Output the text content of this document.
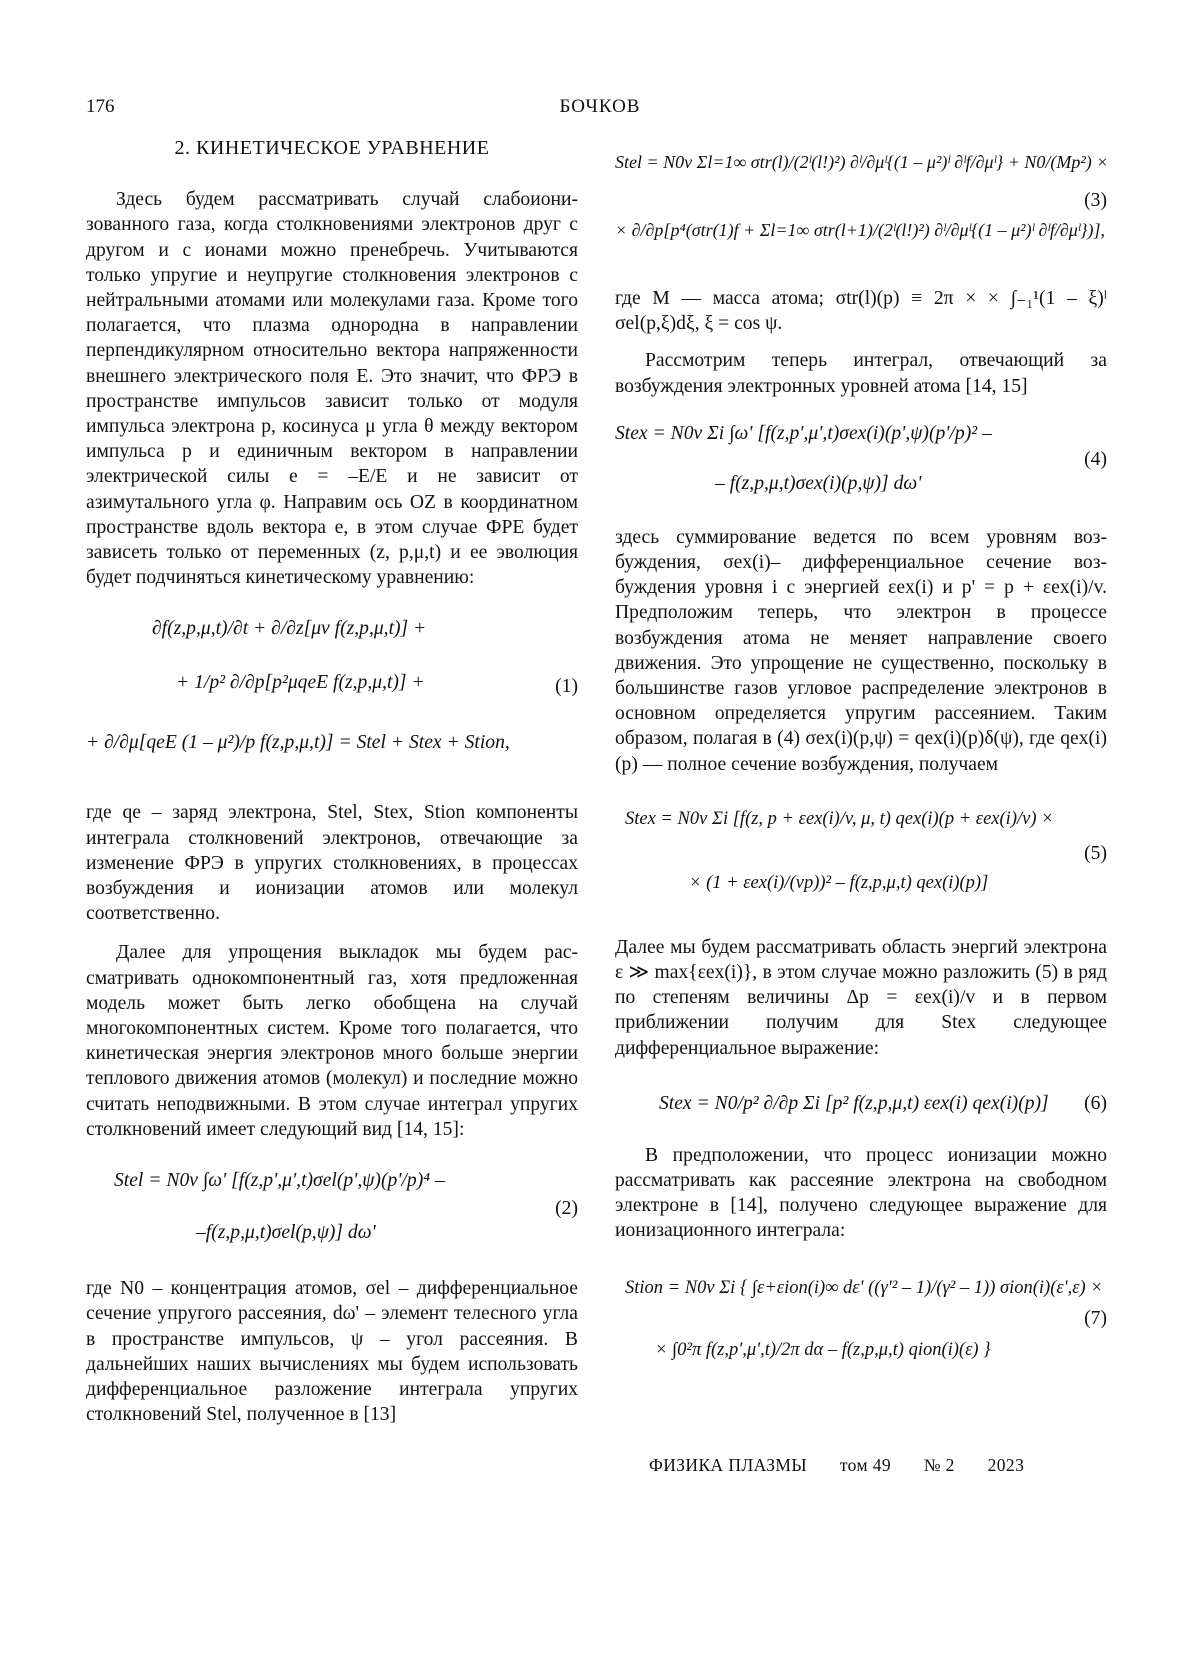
176	БОЧКОВ
2. КИНЕТИЧЕСКОЕ УРАВНЕНИЕ

Здесь будем рассматривать случай слабоионизованного газа, когда столкновениями электронов друг с другом и с ионами можно пренебречь. Учитываются только упругие и неупругие столкновения электронов с нейтральными атомами или молекулами газа. Кроме того полагается, что плазма однородна в направлении перпендикулярном относительно вектора напряженности внешнего электрического поля E. Это значит, что ФРЭ в пространстве импульсов зависит только от модуля импульса электрона p, косинуса μ угла θ между вектором импульса p и единичным вектором в направлении электрической силы e = –E/E и не зависит от азимутального угла φ. Направим ось OZ в координатном пространстве вдоль вектора e, в этом случае ФРЕ будет зависеть только от переменных (z, p,μ,t) и ее эволюция будет подчиняться кинетическому уравнению:

∂f(z,p,μ,t)/∂t + ∂/∂z[μv f(z,p,μ,t)] +
+ 1/p² ∂/∂p[p²μqeE f(z,p,μ,t)] +
+ ∂/∂μ[qeE (1 – μ²)/p f(z,p,μ,t)] = Stel + Stex + Stion,
(1)

где qe – заряд электрона, Stel, Stex, Stion компоненты интеграла столкновений электронов, отвечающие за изменение ФРЭ в упругих столкновениях, в процессах возбуждения и ионизации атомов или молекул соответственно.

Далее для упрощения выкладок мы будем рассматривать однокомпонентный газ, хотя предложенная модель может быть легко обобщена на случай многокомпонентных систем. Кроме того полагается, что кинетическая энергия электронов много больше энергии теплового движения атомов (молекул) и последние можно считать неподвижными. В этом случае интеграл упругих столкновений имеет следующий вид [14, 15]:

Stel = N0v ∫ω' [f(z,p',μ',t)σel(p',ψ)(p'/p)⁴ –
–f(z,p,μ,t)σel(p,ψ)] dω'
(2)

где N0 – концентрация атомов, σel – дифференциальное сечение упругого рассеяния, dω' – элемент телесного угла в пространстве импульсов, ψ – угол рассеяния. В дальнейших наших вычислениях мы будем использовать дифференциальное разложение интеграла упругих столкновений Stel, полученное в [13]

Stel = N0v Σl=1∞ σtr(l)/(2ˡ(l!)²) ∂ˡ/∂μˡ{(1 – μ²)ˡ ∂ˡf/∂μˡ} + N0/(Mp²) ×
× ∂/∂p[p⁴(σtr(1)f + Σl=1∞ σtr(l+1)/(2ˡ(l!)²) ∂ˡ/∂μˡ{(1 – μ²)ˡ ∂ˡf/∂μˡ})],
(3)

где M — масса атома; σtr(l)(p) ≡ 2π × × ∫₋₁¹(1 – ξ)ˡ σel(p,ξ)dξ, ξ = cos ψ.

Рассмотрим теперь интеграл, отвечающий за возбуждения электронных уровней атома [14, 15]

Stex = N0v Σi ∫ω' [f(z,p',μ',t)σex(i)(p',ψ)(p'/p)² –
– f(z,p,μ,t)σex(i)(p,ψ)] dω'
(4)

здесь суммирование ведется по всем уровням возбуждения, σex(i)– дифференциальное сечение возбуждения уровня i с энергией εex(i) и p' = p + εex(i)/v. Предположим теперь, что электрон в процессе возбуждения атома не меняет направление своего движения. Это упрощение не существенно, поскольку в большинстве газов угловое распределение электронов в основном определяется упругим рассеянием. Таким образом, полагая в (4) σex(i)(p,ψ) = qex(i)(p)δ(ψ), где qex(i)(p) — полное сечение возбуждения, получаем

Stex = N0v Σi [f(z, p + εex(i)/v, μ, t) qex(i)(p + εex(i)/v) ×
× (1 + εex(i)/(vp))² – f(z,p,μ,t) qex(i)(p)]
(5)

Далее мы будем рассматривать область энергий электрона ε ≫ max{εex(i)}, в этом случае можно разложить (5) в ряд по степеням величины Δp = εex(i)/v и в первом приближении получим для Stex следующее дифференциальное выражение:

Stex = N0/p² ∂/∂p Σi [p² f(z,p,μ,t) εex(i) qex(i)(p)] (6)

В предположении, что процесс ионизации можно рассматривать как рассеяние электрона на свободном электроне в [14], получено следующее выражение для ионизационного интеграла:

Stion = N0v Σi { ∫ε+εion(i)∞ dε' ((γ'² – 1)/(γ² – 1)) σion(i)(ε',ε) ×
× ∫0²π f(z,p',μ',t)/2π dα – f(z,p,μ,t) qion(i)(ε) }
(7)
ФИЗИКА ПЛАЗМЫ том 49 № 2 2023
